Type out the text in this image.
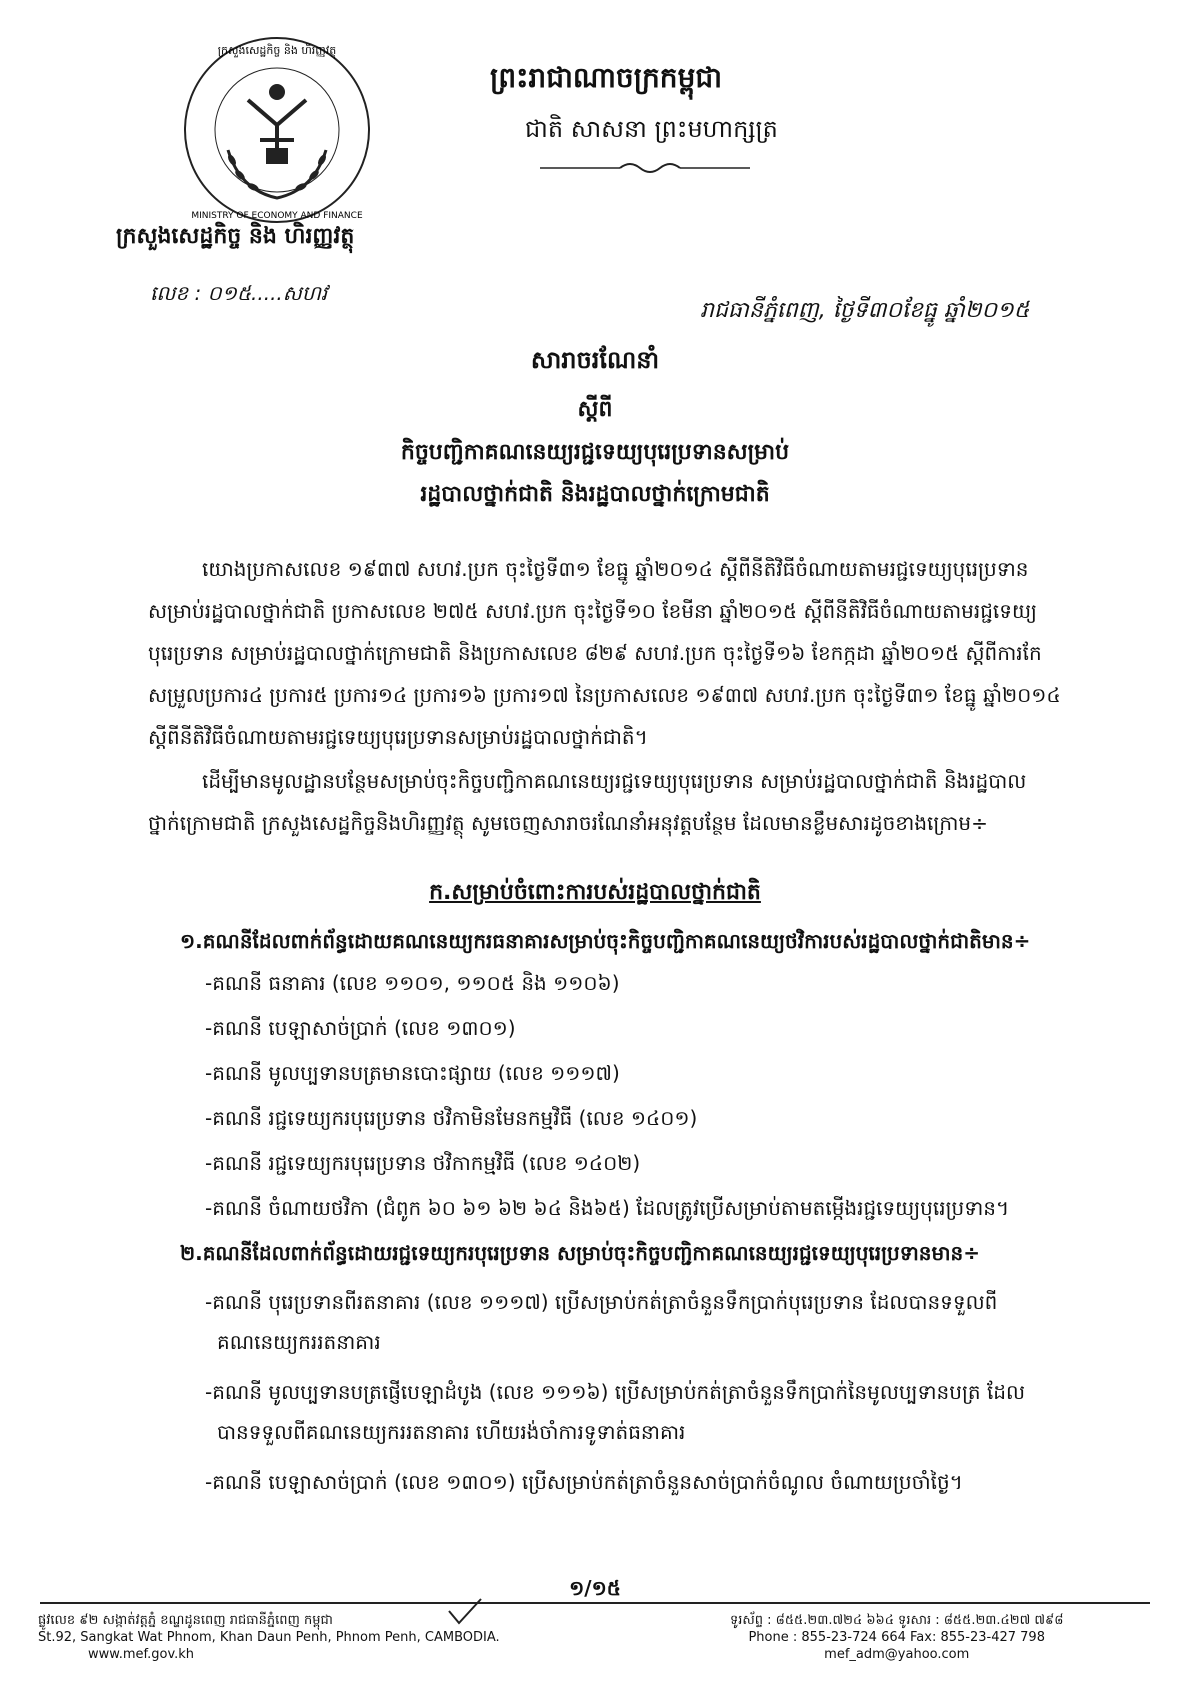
ក្រសួងសេដ្ឋកិច្ច និង ហិរញ្ញវត្ថុ
MINISTRY OF ECONOMY AND FINANCE
ក្រសួងសេដ្ឋកិច្ច និង ហិរញ្ញវត្ថុ
លេខ : ០១៥.....សហវ
ព្រះរាជាណាចក្រកម្ពុជា
ជាតិ សាសនា ព្រះមហាក្សត្រ
រាជធានីភ្នំពេញ, ថ្ងៃទី៣០ខែធ្នូ ឆ្នាំ២០១៥
សារាចរណែនាំ
ស្តីពី
កិច្ចបញ្ជិកាគណនេយ្យរជ្ជទេយ្យបុរេប្រទានសម្រាប់
រដ្ឋបាលថ្នាក់ជាតិ និងរដ្ឋបាលថ្នាក់ក្រោមជាតិ

យោងប្រកាសលេខ ១៩៣៧ សហវ.ប្រក ចុះថ្ងៃទី៣១ ខែធ្នូ ឆ្នាំ២០១៤ ស្តីពីនីតិវិធីចំណាយតាមរជ្ជទេយ្យបុរេប្រទាន

សម្រាប់រដ្ឋបាលថ្នាក់ជាតិ ប្រកាសលេខ ២៧៥ សហវ.ប្រក ចុះថ្ងៃទី១០ ខែមីនា ឆ្នាំ២០១៥ ស្តីពីនីតិវិធីចំណាយតាមរជ្ជទេយ្យ

បុរេប្រទាន សម្រាប់រដ្ឋបាលថ្នាក់ក្រោមជាតិ និងប្រកាសលេខ ៨២៩ សហវ.ប្រក ចុះថ្ងៃទី១៦ ខែកក្កដា ឆ្នាំ២០១៥ ស្តីពីការកែ

សម្រួលប្រការ៤ ប្រការ៥ ប្រការ១៤ ប្រការ១៦ ប្រការ១៧ នៃប្រកាសលេខ ១៩៣៧ សហវ.ប្រក ចុះថ្ងៃទី៣១ ខែធ្នូ ឆ្នាំ២០១៤

ស្តីពីនីតិវិធីចំណាយតាមរជ្ជទេយ្យបុរេប្រទានសម្រាប់រដ្ឋបាលថ្នាក់ជាតិ។

ដើម្បីមានមូលដ្ឋានបន្ថែមសម្រាប់ចុះកិច្ចបញ្ជិកាគណនេយ្យរជ្ជទេយ្យបុរេប្រទាន សម្រាប់រដ្ឋបាលថ្នាក់ជាតិ និងរដ្ឋបាល

ថ្នាក់ក្រោមជាតិ ក្រសួងសេដ្ឋកិច្ចនិងហិរញ្ញវត្ថុ សូមចេញសារាចរណែនាំអនុវត្តបន្ថែម ដែលមានខ្លឹមសារដូចខាងក្រោម÷

ក.សម្រាប់ចំពោះការបស់រដ្ឋបាលថ្នាក់ជាតិ
១.គណនីដែលពាក់ព័ន្ធដោយគណនេយ្យករធនាគារសម្រាប់ចុះកិច្ចបញ្ជិកាគណនេយ្យថវិការបស់រដ្ឋបាលថ្នាក់ជាតិមាន÷
-គណនី ធនាគារ (លេខ ១១០១, ១១០៥ និង ១១០៦)
-គណនី បេឡាសាច់ប្រាក់ (លេខ ១៣០១)
-គណនី មូលប្បទានបត្រមានបោះផ្សាយ (លេខ ១១១៧)
-គណនី រជ្ជទេយ្យករបុរេប្រទាន ថវិកាមិនមែនកម្មវិធី (លេខ ១៤០១)
-គណនី រជ្ជទេយ្យករបុរេប្រទាន ថវិកាកម្មវិធី (លេខ ១៤០២)
-គណនី ចំណាយថវិកា (ជំពូក ៦០ ៦១ ៦២ ៦៤ និង៦៥) ដែលត្រូវប្រើសម្រាប់តាមតម្កើងរជ្ជទេយ្យបុរេប្រទាន។
២.គណនីដែលពាក់ព័ន្ធដោយរជ្ជទេយ្យករបុរេប្រទាន សម្រាប់ចុះកិច្ចបញ្ជិកាគណនេយ្យរជ្ជទេយ្យបុរេប្រទានមាន÷
-គណនី បុរេប្រទានពីរតនាគារ (លេខ ១១១៧) ប្រើសម្រាប់កត់ត្រាចំនួនទឹកប្រាក់បុរេប្រទាន ដែលបានទទួលពី
គណនេយ្យកររតនាគារ
-គណនី មូលប្បទានបត្រផ្ញើបេឡាដំបូង (លេខ ១១១៦) ប្រើសម្រាប់កត់ត្រាចំនួនទឹកប្រាក់នៃមូលប្បទានបត្រ ដែល
បានទទួលពីគណនេយ្យកររតនាគារ ហើយរង់ចាំការទូទាត់ធនាគារ
-គណនី បេឡាសាច់ប្រាក់ (លេខ ១៣០១) ប្រើសម្រាប់កត់ត្រាចំនួនសាច់ប្រាក់ចំណូល ចំណាយប្រចាំថ្ងៃ។
១/១៥
ផ្លូវលេខ ៩២ សង្កាត់វត្តភ្នំ ខណ្ឌដូនពេញ រាជធានីភ្នំពេញ កម្ពុជា
St.92, Sangkat Wat Phnom, Khan Daun Penh, Phnom Penh, CAMBODIA.
www.mef.gov.kh
ទូរស័ព្ទ : ៨៥៥.២៣.៧២៤ ៦៦៤ ទូរសារ : ៨៥៥.២៣.៤២៧ ៧៩៨
Phone : 855-23-724 664 Fax: 855-23-427 798
mef_adm@yahoo.com
